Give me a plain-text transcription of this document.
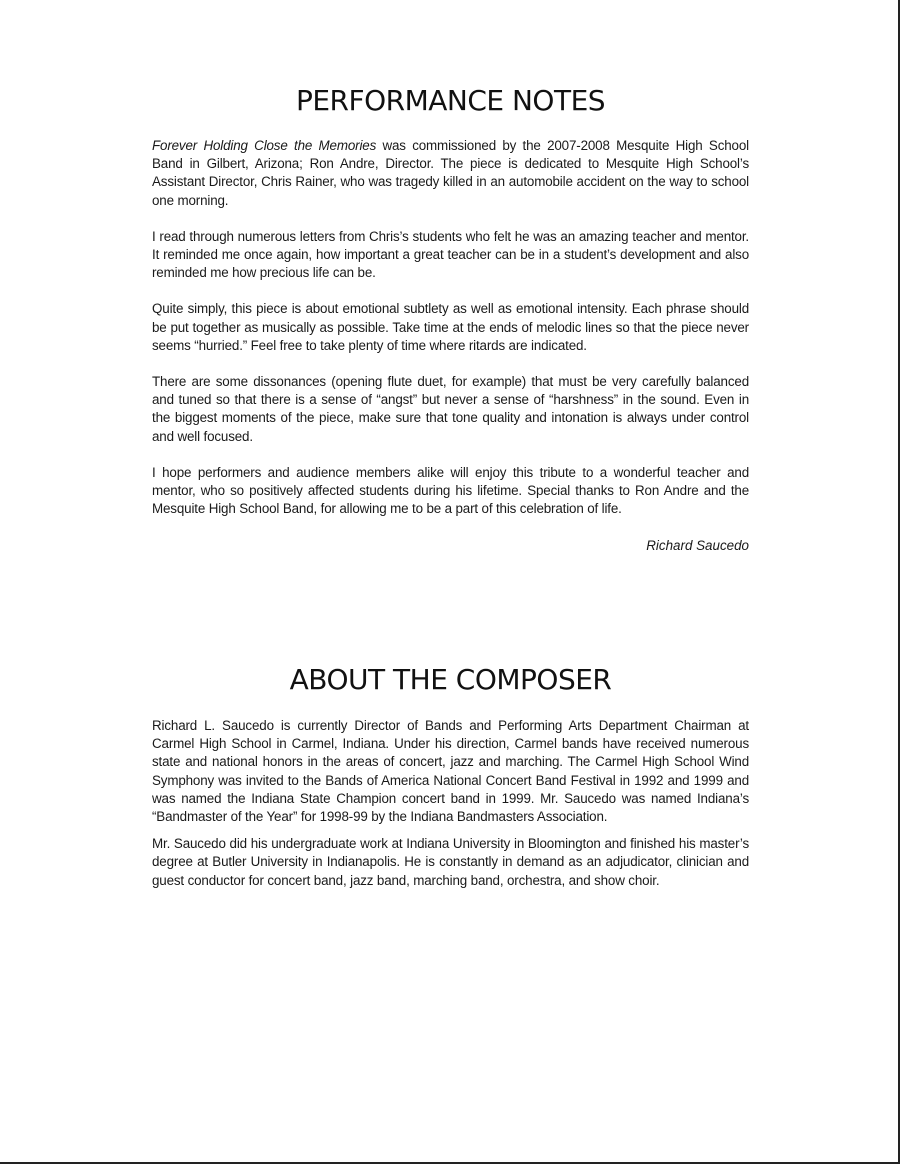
PERFORMANCE NOTES

Forever Holding Close the Memories was commissioned by the 2007-2008 Mesquite High School Band in Gilbert, Arizona; Ron Andre, Director. The piece is dedicated to Mesquite High School’s Assistant Director, Chris Rainer, who was tragedy killed in an automobile accident on the way to school one morning.

I read through numerous letters from Chris’s students who felt he was an amazing teacher and mentor. It reminded me once again, how important a great teacher can be in a student’s development and also reminded me how precious life can be.

Quite simply, this piece is about emotional subtlety as well as emotional intensity. Each phrase should be put together as musically as possible. Take time at the ends of melodic lines so that the piece never seems “hurried.” Feel free to take plenty of time where ritards are indicated.

There are some dissonances (opening flute duet, for example) that must be very carefully balanced and tuned so that there is a sense of “angst” but never a sense of “harshness” in the sound. Even in the biggest moments of the piece, make sure that tone quality and intonation is always under control and well focused.

I hope performers and audience members alike will enjoy this tribute to a wonderful teacher and mentor, who so positively affected students during his lifetime. Special thanks to Ron Andre and the Mesquite High School Band, for allowing me to be a part of this celebration of life.

Richard Saucedo
ABOUT THE COMPOSER

Richard L. Saucedo is currently Director of Bands and Performing Arts Department Chairman at Carmel High School in Carmel, Indiana. Under his direction, Carmel bands have received numerous state and national honors in the areas of concert, jazz and marching. The Carmel High School Wind Symphony was invited to the Bands of America National Concert Band Festival in 1992 and 1999 and was named the Indiana State Champion concert band in 1999. Mr. Saucedo was named Indiana’s “Bandmaster of the Year” for 1998-99 by the Indiana Bandmasters Association.

Mr. Saucedo did his undergraduate work at Indiana University in Bloomington and finished his master’s degree at Butler University in Indianapolis. He is constantly in demand as an adjudicator, clinician and guest conductor for concert band, jazz band, marching band, orchestra, and show choir.
